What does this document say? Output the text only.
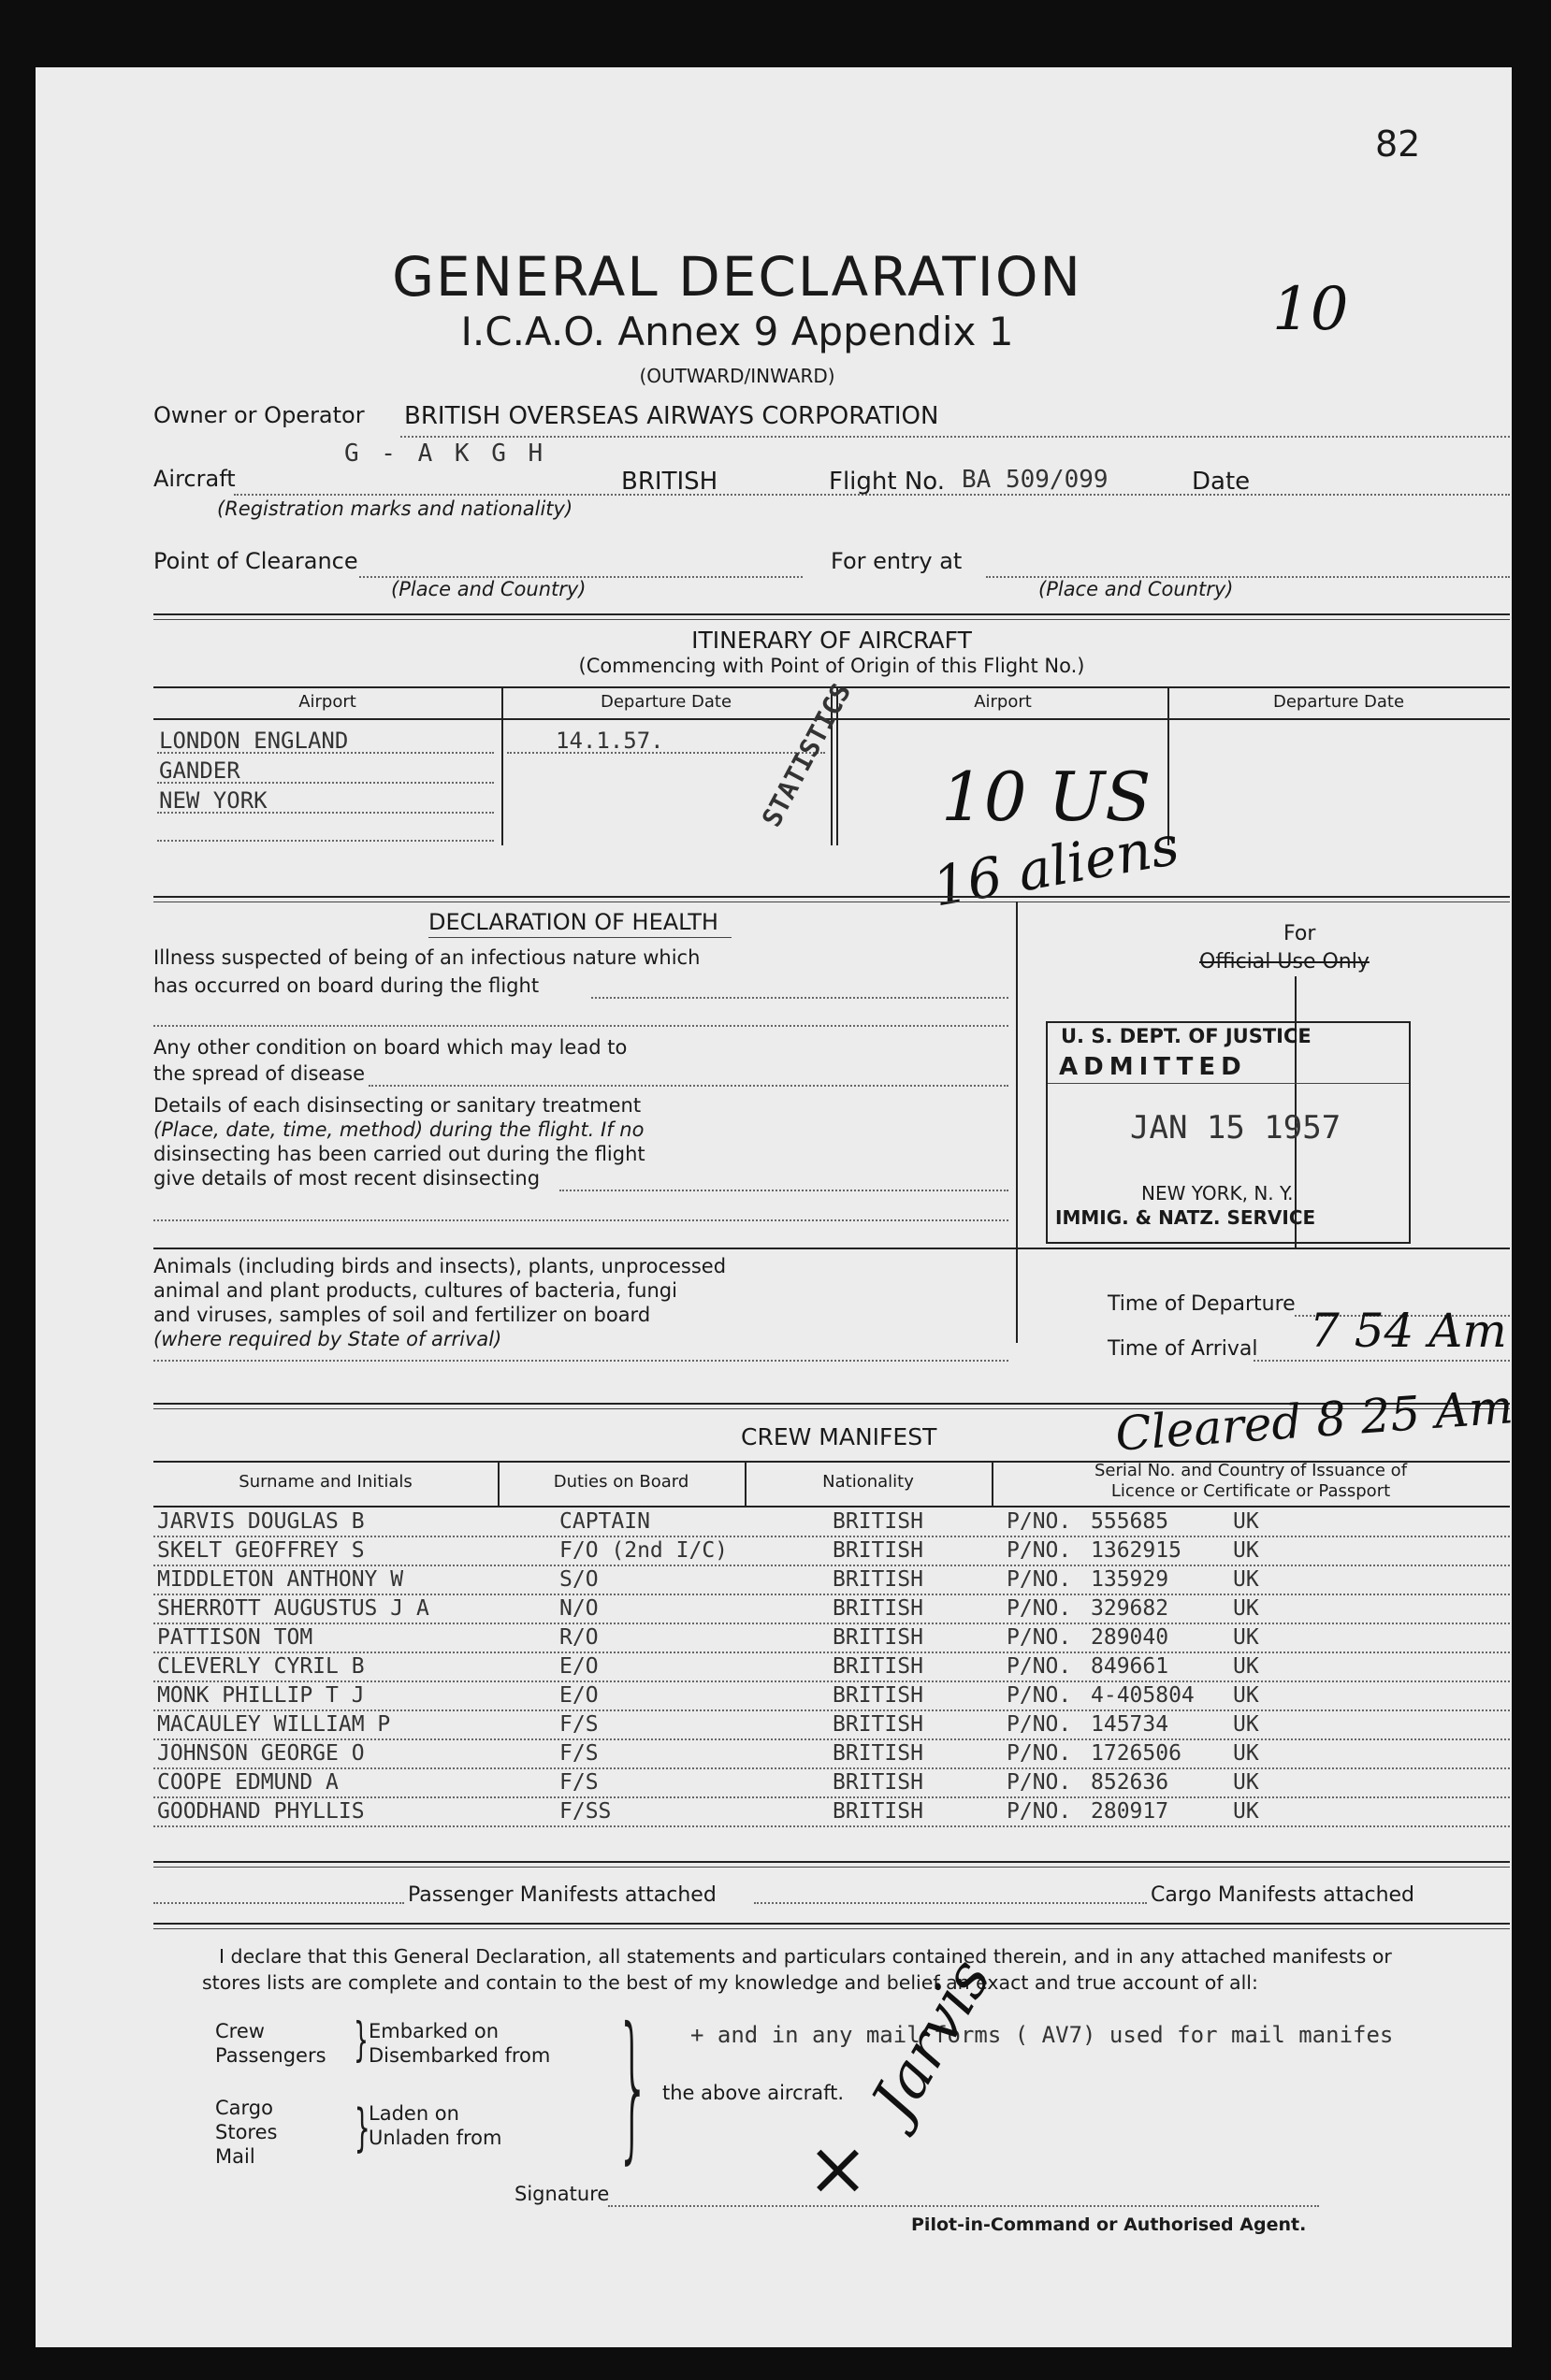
82
10
GENERAL DECLARATION
I.C.A.O. Annex 9 Appendix 1
(OUTWARD/INWARD)
Owner or Operator BRITISH OVERSEAS AIRWAYS CORPORATION
G - A K G H
Aircraft	BRITISH	Flight No. BA 509/099	Date
(Registration marks and nationality)
Point of Clearance	For entry at
(Place and Country)	(Place and Country)
ITINERARY OF AIRCRAFT
(Commencing with Point of Origin of this Flight No.)
Airport	Departure Date	Airport	Departure Date
LONDON ENGLAND	14.1.57.
GANDER
NEW YORK	STATISTICS 10 US
16 aliens
DECLARATION OF HEALTH
Illness suspected of being of an infectious nature which
has occurred on board during the flight
Any other condition on board which may lead to
the spread of disease
Details of each disinsecting or sanitary treatment
(Place, date, time, method) during the flight. If no
disinsecting has been carried out during the flight
give details of most recent disinsecting
Animals (including birds and insects), plants, unprocessed
animal and plant products, cultures of bacteria, fungi
and viruses, samples of soil and fertilizer on board
(where required by State of arrival)
For
Official Use Only
U. S. DEPT. OF JUSTICE
ADMITTED
JAN 15 1957
NEW YORK, N. Y.
IMMIG. & NATZ. SERVICE
Time of Departure
Time of Arrival 7 54 Am
CREW MANIFEST	Cleared 8 25 Am
Surname and Initials	Duties on Board	Nationality
Serial No. and Country of Issuance of
Licence or Certificate or Passport
JARVIS DOUGLAS B	CAPTAIN	BRITISH	P/NO. 555685	UK
SKELT GEOFFREY S	F/O (2nd I/C)	BRITISH	P/NO. 1362915 UK
MIDDLETON ANTHONY W	S/O	BRITISH	P/NO. 135929	UK
SHERROTT AUGUSTUS J A	N/O	BRITISH	P/NO. 329682	UK
PATTISON TOM	R/O	BRITISH	P/NO. 289040	UK
CLEVERLY CYRIL B	E/O	BRITISH	P/NO. 849661	UK
MONK PHILLIP T J	E/O	BRITISH	P/NO. 4-405804 UK
MACAULEY WILLIAM P	F/S	BRITISH	P/NO. 145734	UK
JOHNSON GEORGE O	F/S	BRITISH	P/NO. 1726506 UK
COOPE EDMUND A	F/S	BRITISH	P/NO. 852636	UK
GOODHAND PHYLLIS	F/SS	BRITISH	P/NO. 280917	UK
Passenger Manifests attached	Cargo Manifests attached
I declare that this General Declaration, all statements and particulars contained therein, and in any attached manifests or
stores lists are complete and contain to the best of my knowledge and belief an exact and true account of all:
Crew
Passengers } Embarked on
Disembarked from
Cargo
Stores
Mail }
Laden on
Unladen from } + and in any mail forms ( AV7) used for mail manifes
the above aircraft. Jarvis
×
Signature
Pilot-in-Command or Authorised Agent.
